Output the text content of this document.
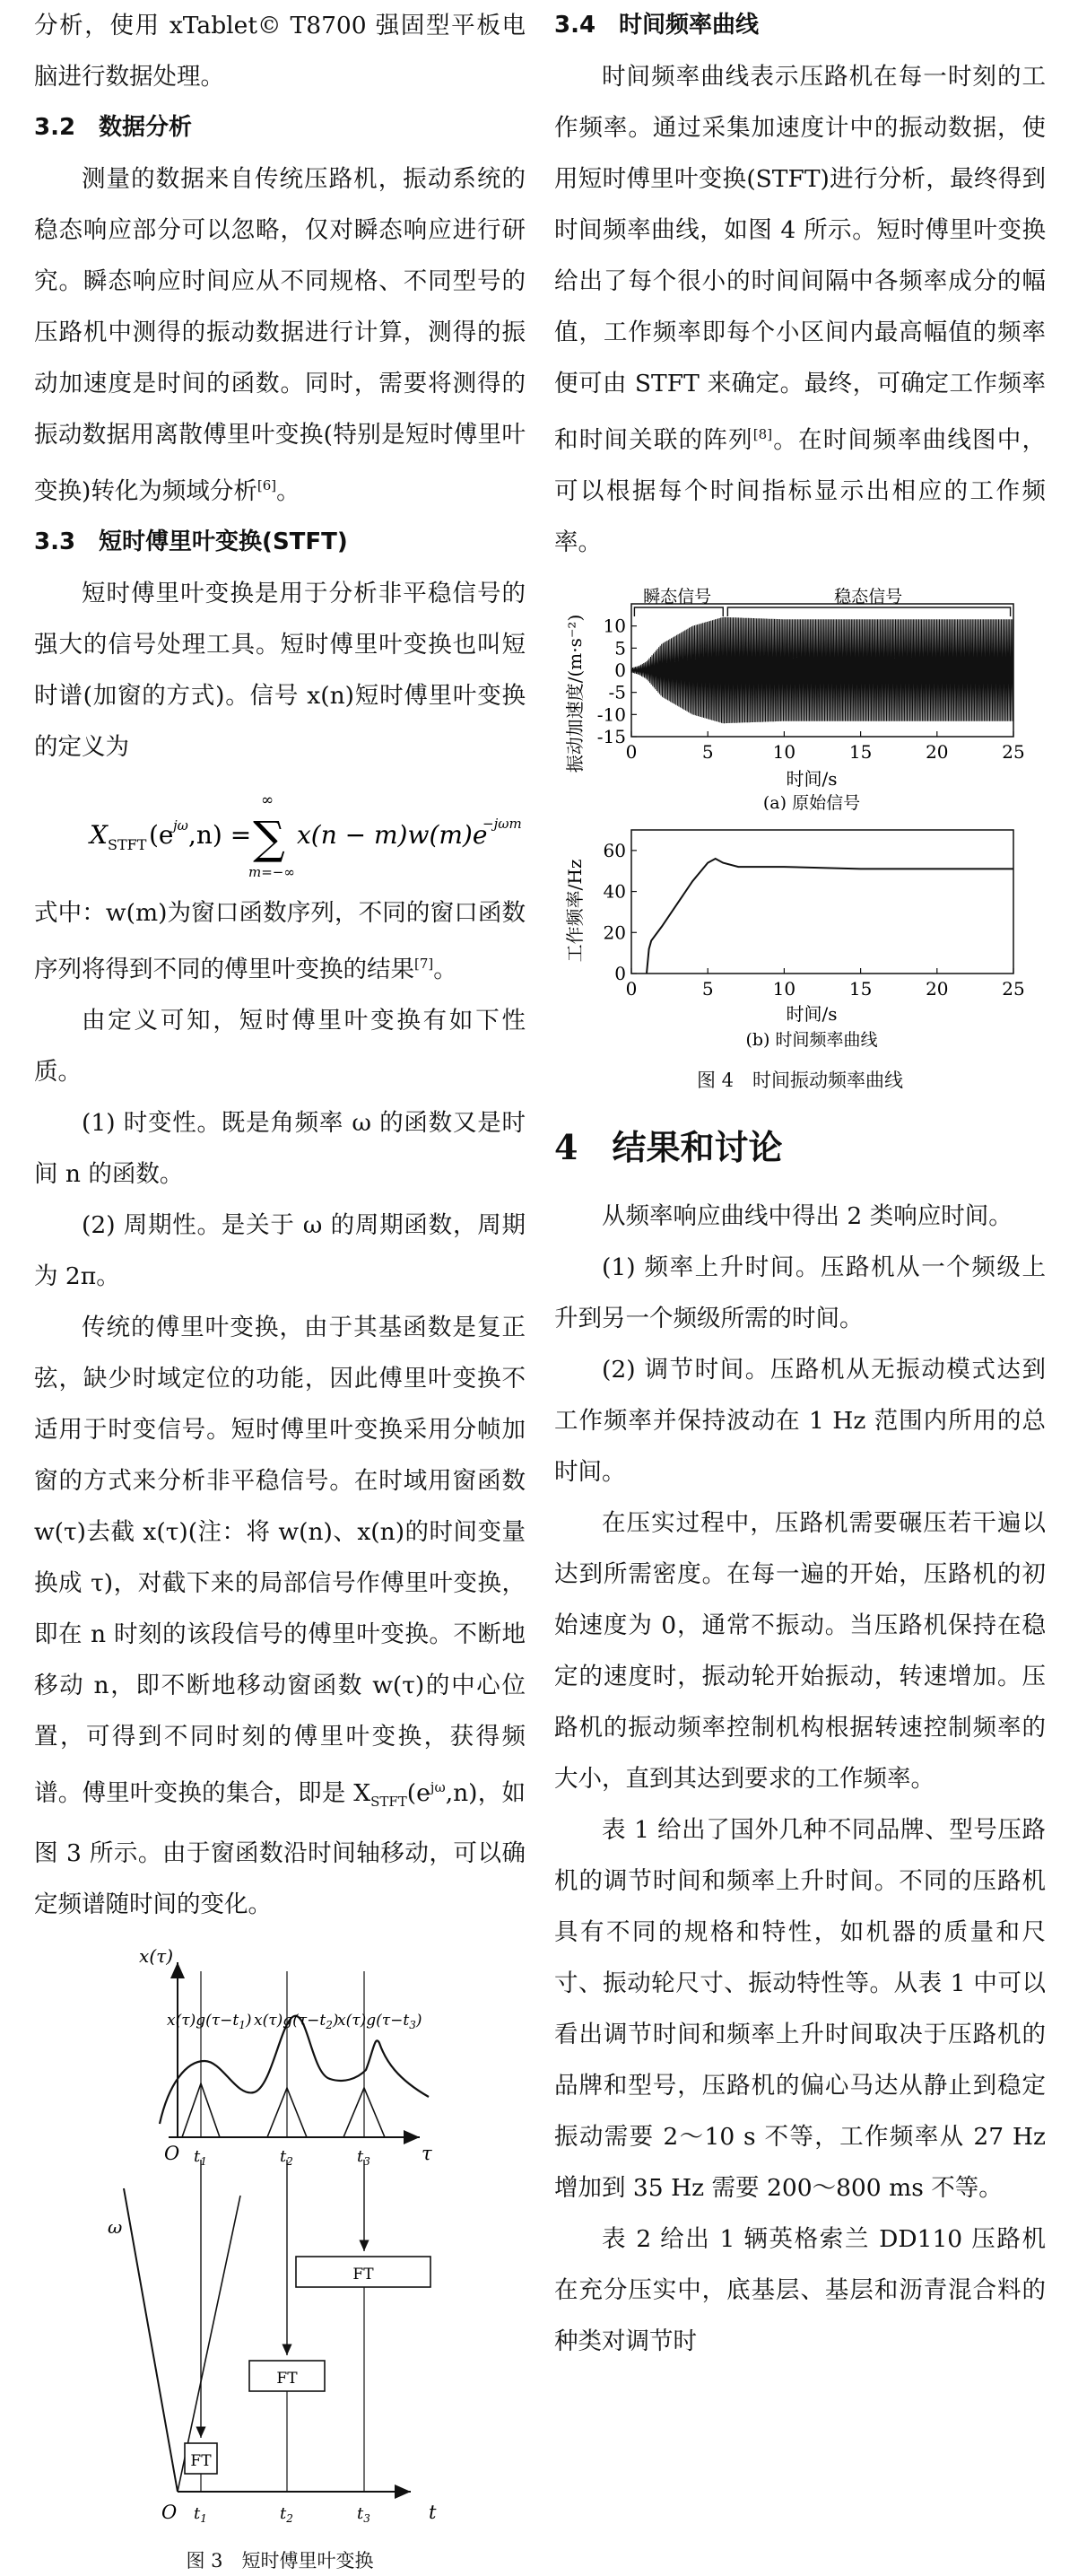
分析，使用 xTablet© T8700 强固型平板电脑进行数据处理。

3.2　数据分析

测量的数据来自传统压路机，振动系统的稳态响应部分可以忽略，仅对瞬态响应进行研究。瞬态响应时间应从不同规格、不同型号的压路机中测得的振动数据进行计算，测得的振动加速度是时间的函数。同时，需要将测得的振动数据用离散傅里叶变换(特别是短时傅里叶变换)转化为频域分析[6]。

3.3　短时傅里叶变换(STFT)

短时傅里叶变换是用于分析非平稳信号的强大的信号处理工具。短时傅里叶变换也叫短时谱(加窗的方式)。信号 x(n)短时傅里叶变换的定义为

X STFT (e jω ,n) =
∞
∑
m=−∞
x(n − m)w(m)e
−jωm

式中：w(m)为窗口函数序列，不同的窗口函数序列将得到不同的傅里叶变换的结果[7]。

由定义可知，短时傅里叶变换有如下性质。

(1) 时变性。既是角频率 ω 的函数又是时间 n 的函数。

(2) 周期性。是关于 ω 的周期函数，周期为 2π。

传统的傅里叶变换，由于其基函数是复正弦，缺少时域定位的功能，因此傅里叶变换不适用于时变信号。短时傅里叶变换采用分帧加窗的方式来分析非平稳信号。在时域用窗函数 w(τ)去截 x(τ)(注：将 w(n)、x(n)的时间变量换成 τ)，对截下来的局部信号作傅里叶变换，即在 n 时刻的该段信号的傅里叶变换。不断地移动 n，即不断地移动窗函数 w(τ)的中心位置，可得到不同时刻的傅里叶变换，获得频谱。傅里叶变换的集合，即是 $X_{STFT}(e^{j\omega},n)$，如图 3 所示。由于窗函数沿时间轴移动，可以确定频谱随时间的变化。

x(τ)
O	τ
$x(\tau)g(\tau-t_1)$ $x(\tau)g(\tau-t_2)$
$x(\tau)g(\tau-t_3)$
$t_1$	$t_2$	$t_3$
ω
O	t
FT
FT
FT
$t_1$	$t_2$	$t_3$
图 3　短时傅里叶变换
3.4　时间频率曲线

时间频率曲线表示压路机在每一时刻的工作频率。通过采集加速度计中的振动数据，使用短时傅里叶变换(STFT)进行分析，最终得到时间频率曲线，如图 4 所示。短时傅里叶变换给出了每个很小的时间间隔中各频率成分的幅值，工作频率即每个小区间内最高幅值的频率便可由 STFT 来确定。最终，可确定工作频率和时间关联的阵列[8]。在时间频率曲线图中，可以根据每个时间指标显示出相应的工作频率。

振动加速度/(m·s⁻²) 0	5	10	15	20	25
-15
-10
-5
0
5
10
瞬态信号	稳态信号
时间/s
(a) 原始信号

工作频率/Hz
0	5	10	15	20	25
0
20
40
60
时间/s
(b) 时间频率曲线
图 4　时间振动频率曲线
4　结果和讨论

从频率响应曲线中得出 2 类响应时间。

(1) 频率上升时间。压路机从一个频级上升到另一个频级所需的时间。

(2) 调节时间。压路机从无振动模式达到工作频率并保持波动在 1 Hz 范围内所用的总时间。

在压实过程中，压路机需要碾压若干遍以达到所需密度。在每一遍的开始，压路机的初始速度为 0，通常不振动。当压路机保持在稳定的速度时，振动轮开始振动，转速增加。压路机的振动频率控制机构根据转速控制频率的大小，直到其达到要求的工作频率。

表 1 给出了国外几种不同品牌、型号压路机的调节时间和频率上升时间。不同的压路机具有不同的规格和特性，如机器的质量和尺寸、振动轮尺寸、振动特性等。从表 1 中可以看出调节时间和频率上升时间取决于压路机的品牌和型号，压路机的偏心马达从静止到稳定振动需要 2～10 s 不等，工作频率从 27 Hz 增加到 35 Hz 需要 200～800 ms 不等。

表 2 给出 1 辆英格索兰 DD110 压路机在充分压实中，底基层、基层和沥青混合料的种类对调节时
